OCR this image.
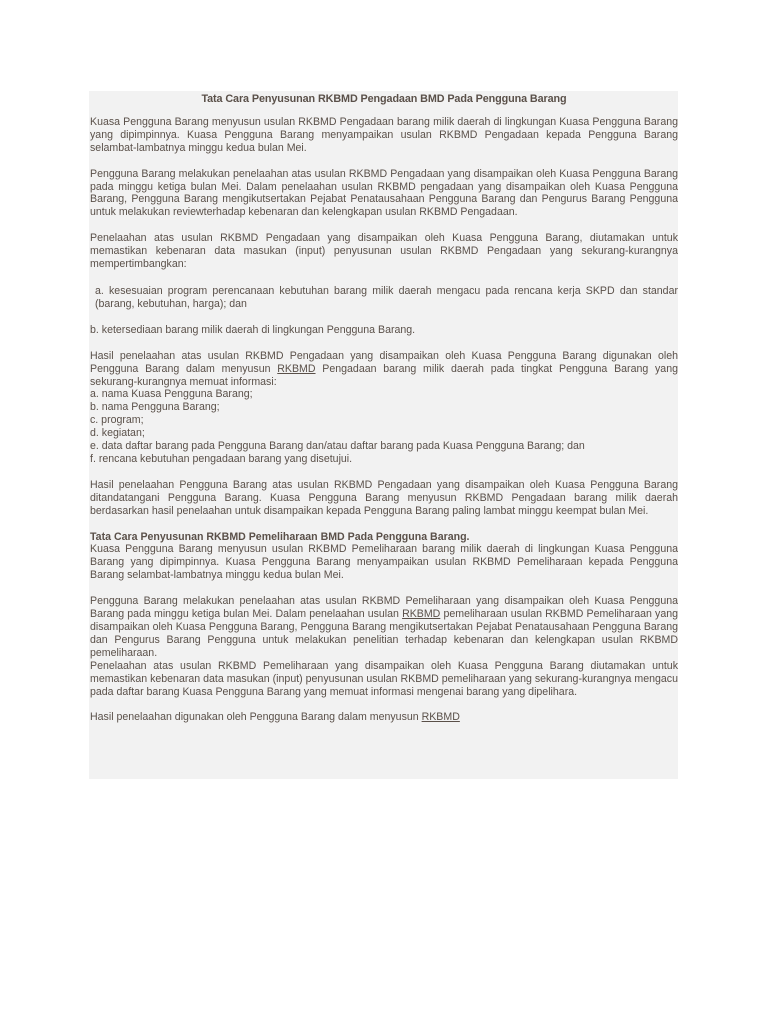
Tata Cara Penyusunan RKBMD Pengadaan BMD Pada Pengguna Barang

Kuasa Pengguna Barang menyusun usulan RKBMD Pengadaan barang milik daerah di lingkungan Kuasa Pengguna Barang yang dipimpinnya. Kuasa Pengguna Barang menyampaikan usulan RKBMD Pengadaan kepada Pengguna Barang selambat-lambatnya minggu kedua bulan Mei.

Pengguna Barang melakukan penelaahan atas usulan RKBMD Pengadaan yang disampaikan oleh Kuasa Pengguna Barang pada minggu ketiga bulan Mei. Dalam penelaahan usulan RKBMD pengadaan yang disampaikan oleh Kuasa Pengguna Barang, Pengguna Barang mengikutsertakan Pejabat Penatausahaan Pengguna Barang dan Pengurus Barang Pengguna untuk melakukan reviewterhadap kebenaran dan kelengkapan usulan RKBMD Pengadaan.

Penelaahan atas usulan RKBMD Pengadaan yang disampaikan oleh Kuasa Pengguna Barang, diutamakan untuk memastikan kebenaran data masukan (input) penyusunan usulan RKBMD Pengadaan yang sekurang-kurangnya mempertimbangkan:

a. kesesuaian program perencanaan kebutuhan barang milik daerah mengacu pada rencana kerja SKPD dan standar (barang, kebutuhan, harga); dan

b. ketersediaan barang milik daerah di lingkungan Pengguna Barang.

Hasil penelaahan atas usulan RKBMD Pengadaan yang disampaikan oleh Kuasa Pengguna Barang digunakan oleh Pengguna Barang dalam menyusun RKBMD Pengadaan barang milik daerah pada tingkat Pengguna Barang yang sekurang-kurangnya memuat informasi:

a. nama Kuasa Pengguna Barang;
b. nama Pengguna Barang;
c. program;
d. kegiatan;
e. data daftar barang pada Pengguna Barang dan/atau daftar barang pada Kuasa Pengguna Barang; dan
f. rencana kebutuhan pengadaan barang yang disetujui.

Hasil penelaahan Pengguna Barang atas usulan RKBMD Pengadaan yang disampaikan oleh Kuasa Pengguna Barang ditandatangani Pengguna Barang. Kuasa Pengguna Barang menyusun RKBMD Pengadaan barang milik daerah berdasarkan hasil penelaahan untuk disampaikan kepada Pengguna Barang paling lambat minggu keempat bulan Mei.

Tata Cara Penyusunan RKBMD Pemeliharaan BMD Pada Pengguna Barang.

Kuasa Pengguna Barang menyusun usulan RKBMD Pemeliharaan barang milik daerah di lingkungan Kuasa Pengguna Barang yang dipimpinnya. Kuasa Pengguna Barang menyampaikan usulan RKBMD Pemeliharaan kepada Pengguna Barang selambat-lambatnya minggu kedua bulan Mei.

Pengguna Barang melakukan penelaahan atas usulan RKBMD Pemeliharaan yang disampaikan oleh Kuasa Pengguna Barang pada minggu ketiga bulan Mei. Dalam penelaahan usulan RKBMD pemeliharaan usulan RKBMD Pemeliharaan yang disampaikan oleh Kuasa Pengguna Barang, Pengguna Barang mengikutsertakan Pejabat Penatausahaan Pengguna Barang dan Pengurus Barang Pengguna untuk melakukan penelitian terhadap kebenaran dan kelengkapan usulan RKBMD pemeliharaan.

Penelaahan atas usulan RKBMD Pemeliharaan yang disampaikan oleh Kuasa Pengguna Barang diutamakan untuk memastikan kebenaran data masukan (input) penyusunan usulan RKBMD pemeliharaan yang sekurang-kurangnya mengacu pada daftar barang Kuasa Pengguna Barang yang memuat informasi mengenai barang yang dipelihara.

Hasil penelaahan digunakan oleh Pengguna Barang dalam menyusun RKBMD
